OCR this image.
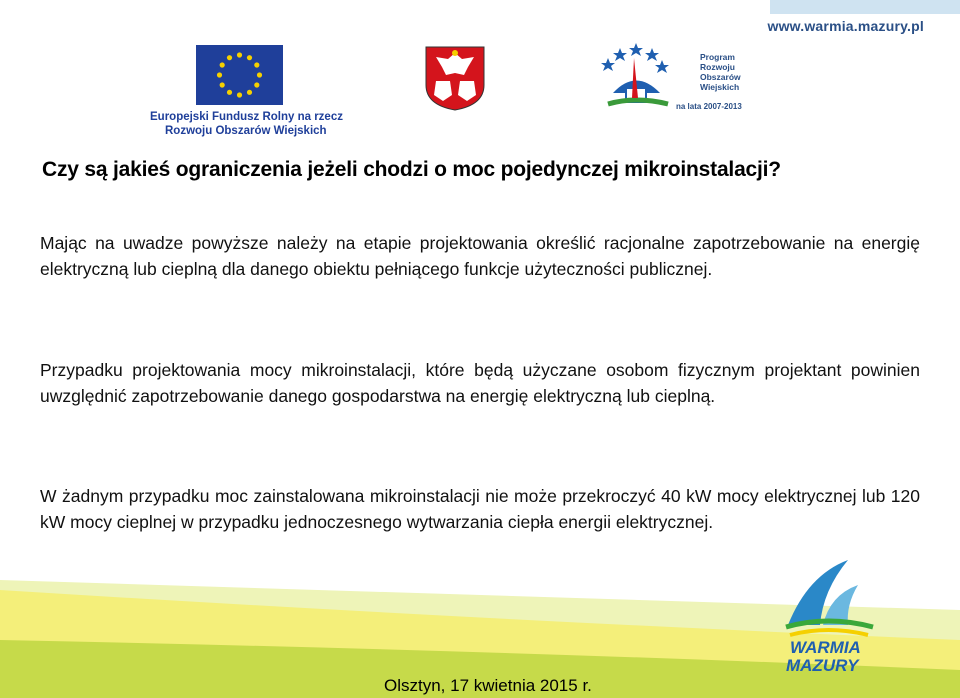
www.warmia.mazury.pl
Europejski Fundusz Rolny na rzecz
Rozwoju Obszarów Wiejskich
Program
Rozwoju
Obszarów
Wiejskich
na lata 2007-2013
Czy są jakieś ograniczenia jeżeli chodzi o moc pojedynczej mikroinstalacji?
Mając na uwadze powyższe należy na etapie projektowania określić racjonalne zapotrzebowanie na energię elektryczną lub cieplną dla danego obiektu pełniącego funkcje użyteczności publicznej.
Przypadku projektowania mocy mikroinstalacji, które będą użyczane osobom fizycznym projektant powinien uwzględnić zapotrzebowanie danego gospodarstwa na energię elektryczną lub cieplną.
W żadnym przypadku moc zainstalowana mikroinstalacji nie może przekroczyć 40 kW mocy elektrycznej lub 120 kW mocy cieplnej w przypadku jednoczesnego wytwarzania ciepła energii elektrycznej.
WARMIA
MAZURY
Olsztyn, 17 kwietnia 2015 r.
